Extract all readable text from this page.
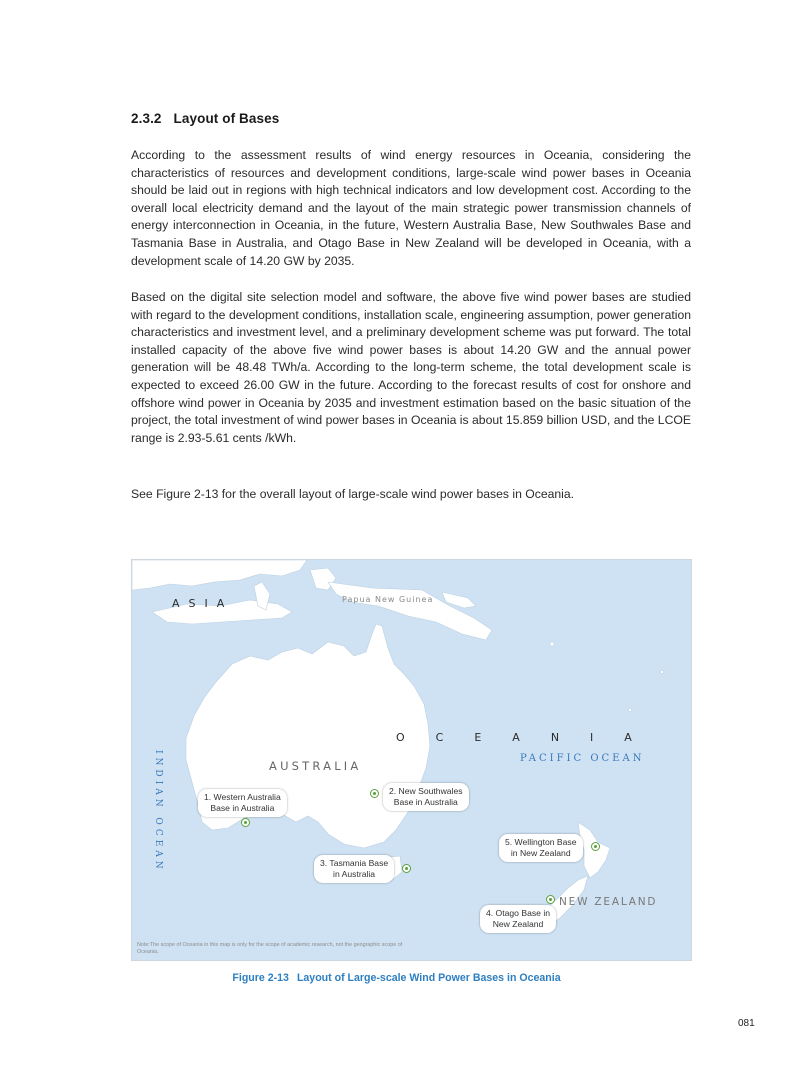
2.3.2 Layout of Bases

According to the assessment results of wind energy resources in Oceania, considering the characteristics of resources and development conditions, large-scale wind power bases in Oceania should be laid out in regions with high technical indicators and low development cost. According to the overall local electricity demand and the layout of the main strategic power transmission channels of energy interconnection in Oceania, in the future, Western Australia Base, New Southwales Base and Tasmania Base in Australia, and Otago Base in New Zealand will be developed in Oceania, with a development scale of 14.20 GW by 2035.

Based on the digital site selection model and software, the above five wind power bases are studied with regard to the development conditions, installation scale, engineering assumption, power generation characteristics and investment level, and a preliminary development scheme was put forward. The total installed capacity of the above five wind power bases is about 14.20 GW and the annual power generation will be 48.48 TWh/a. According to the long-term scheme, the total development scale is expected to exceed 26.00 GW in the future. According to the forecast results of cost for onshore and offshore wind power in Oceania by 2035 and investment estimation based on the basic situation of the project, the total investment of wind power bases in Oceania is about 15.859 billion USD, and the LCOE range is 2.93-5.61 cents /kWh.

See Figure 2-13 for the overall layout of large-scale wind power bases in Oceania.

ASIA	Papua New Guinea
OCEANIA
PACIFIC OCEAN
INDIAN OCEAN	AUSTRALIA
NEW ZEALAND
1. Western Australia
Base in Australia
2. New Southwales
Base in Australia
3. Tasmania Base
in Australia
5. Wellington Base
in New Zealand
4. Otago Base in
New Zealand
Note:The scope of Oceania in this map is only for the scope of academic research, not the geographic scope of Oceania.
Figure 2-13 Layout of Large-scale Wind Power Bases in Oceania
081
